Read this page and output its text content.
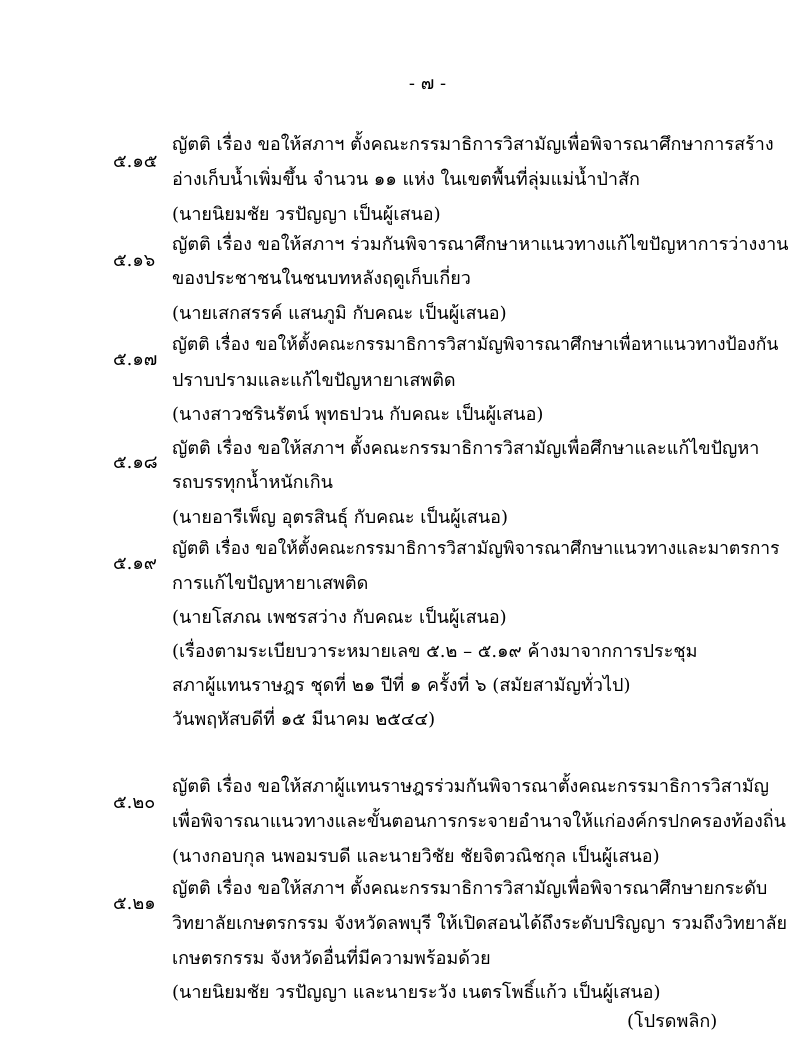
- ๗ -
๕.๑๕
ญัตติ เรื่อง ขอให้สภาฯ ตั้งคณะกรรมาธิการวิสามัญเพื่อพิจารณาศึกษาการสร้าง
อ่างเก็บน้ำเพิ่มขึ้น จำนวน ๑๑ แห่ง ในเขตพื้นที่ลุ่มแม่น้ำป่าสัก
(นายนิยมชัย วรปัญญา เป็นผู้เสนอ)
๕.๑๖
ญัตติ เรื่อง ขอให้สภาฯ ร่วมกันพิจารณาศึกษาหาแนวทางแก้ไขปัญหาการว่างงาน
ของประชาชนในชนบทหลังฤดูเก็บเกี่ยว
(นายเสกสรรค์ แสนภูมิ กับคณะ เป็นผู้เสนอ)
๕.๑๗
ญัตติ เรื่อง ขอให้ตั้งคณะกรรมาธิการวิสามัญพิจารณาศึกษาเพื่อหาแนวทางป้องกัน
ปราบปรามและแก้ไขปัญหายาเสพติด
(นางสาวชรินรัตน์ พุทธปวน กับคณะ เป็นผู้เสนอ)
๕.๑๘
ญัตติ เรื่อง ขอให้สภาฯ ตั้งคณะกรรมาธิการวิสามัญเพื่อศึกษาและแก้ไขปัญหา
รถบรรทุกน้ำหนักเกิน
(นายอารีเพ็ญ อุตรสินธุ์ กับคณะ เป็นผู้เสนอ)
๕.๑๙
ญัตติ เรื่อง ขอให้ตั้งคณะกรรมาธิการวิสามัญพิจารณาศึกษาแนวทางและมาตรการ
การแก้ไขปัญหายาเสพติด
(นายโสภณ เพชรสว่าง กับคณะ เป็นผู้เสนอ)
(เรื่องตามระเบียบวาระหมายเลข ๕.๒ – ๕.๑๙ ค้างมาจากการประชุม
สภาผู้แทนราษฎร ชุดที่ ๒๑ ปีที่ ๑ ครั้งที่ ๖ (สมัยสามัญทั่วไป)
วันพฤหัสบดีที่ ๑๕ มีนาคม ๒๕๔๔)
๕.๒๐
ญัตติ เรื่อง ขอให้สภาผู้แทนราษฎรร่วมกันพิจารณาตั้งคณะกรรมาธิการวิสามัญ
เพื่อพิจารณาแนวทางและขั้นตอนการกระจายอำนาจให้แก่องค์กรปกครองท้องถิ่น
(นางกอบกุล นพอมรบดี และนายวิชัย ชัยจิตวณิชกุล เป็นผู้เสนอ)
๕.๒๑
ญัตติ เรื่อง ขอให้สภาฯ ตั้งคณะกรรมาธิการวิสามัญเพื่อพิจารณาศึกษายกระดับ
วิทยาลัยเกษตรกรรม จังหวัดลพบุรี ให้เปิดสอนได้ถึงระดับปริญญา รวมถึงวิทยาลัย
เกษตรกรรม จังหวัดอื่นที่มีความพร้อมด้วย
(นายนิยมชัย วรปัญญา และนายระวัง เนตรโพธิ์แก้ว เป็นผู้เสนอ)
(โปรดพลิก)
